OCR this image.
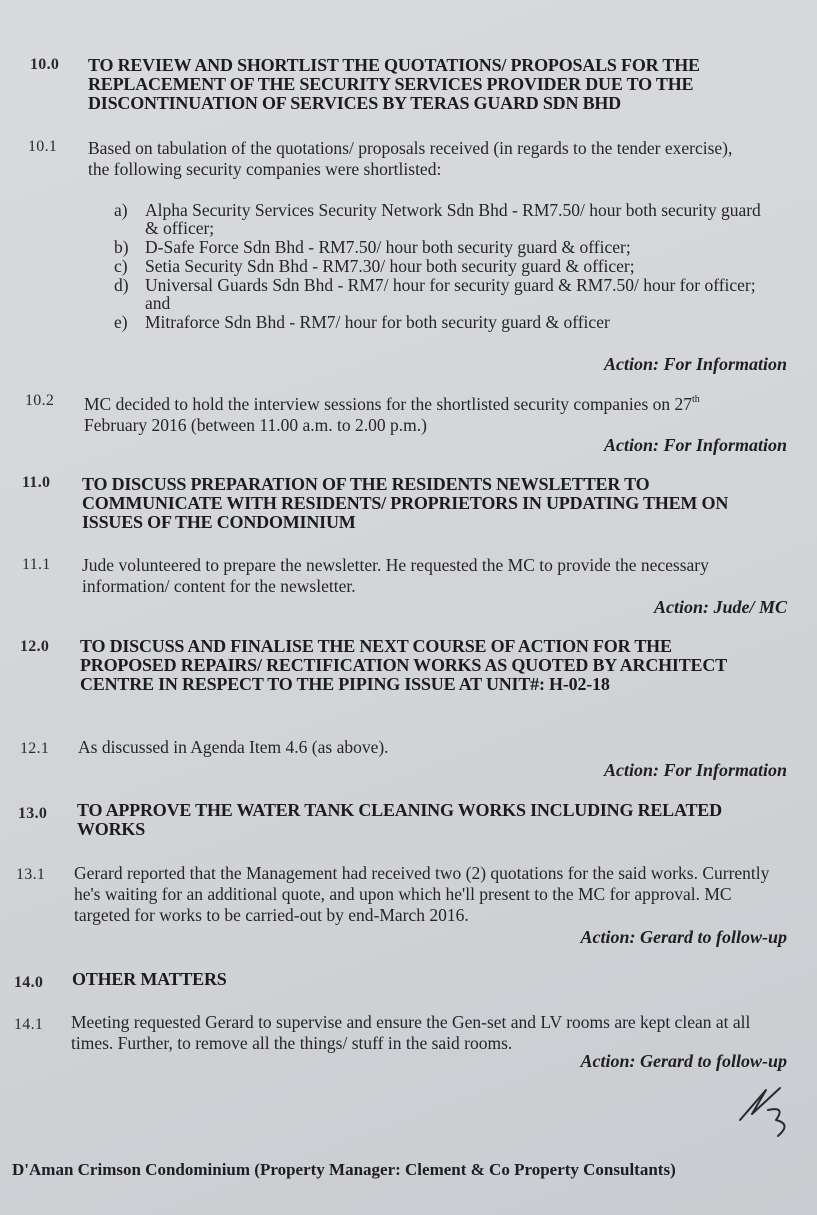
10.0 TO REVIEW AND SHORTLIST THE QUOTATIONS/ PROPOSALS FOR THE REPLACEMENT OF THE SECURITY SERVICES PROVIDER DUE TO THE DISCONTINUATION OF SERVICES BY TERAS GUARD SDN BHD
10.1 Based on tabulation of the quotations/ proposals received (in regards to the tender exercise), the following security companies were shortlisted:
a) Alpha Security Services Security Network Sdn Bhd - RM7.50/ hour both security guard & officer;
b) D-Safe Force Sdn Bhd - RM7.50/ hour both security guard & officer;
c) Setia Security Sdn Bhd - RM7.30/ hour both security guard & officer;
d) Universal Guards Sdn Bhd - RM7/ hour for security guard & RM7.50/ hour for officer; and
e) Mitraforce Sdn Bhd - RM7/ hour for both security guard & officer
Action: For Information
10.2 MC decided to hold the interview sessions for the shortlisted security companies on 27th
February 2016 (between 11.00 a.m. to 2.00 p.m.)
Action: For Information
11.0 TO DISCUSS PREPARATION OF THE RESIDENTS NEWSLETTER TO COMMUNICATE WITH RESIDENTS/ PROPRIETORS IN UPDATING THEM ON ISSUES OF THE CONDOMINIUM
11.1 Jude volunteered to prepare the newsletter. He requested the MC to provide the necessary information/ content for the newsletter.
Action: Jude/ MC
12.0 TO DISCUSS AND FINALISE THE NEXT COURSE OF ACTION FOR THE PROPOSED REPAIRS/ RECTIFICATION WORKS AS QUOTED BY ARCHITECT CENTRE IN RESPECT TO THE PIPING ISSUE AT UNIT#: H-02-18
12.1 As discussed in Agenda Item 4.6 (as above).
Action: For Information
13.0 TO APPROVE THE WATER TANK CLEANING WORKS INCLUDING RELATED WORKS
13.1 Gerard reported that the Management had received two (2) quotations for the said works. Currently he's waiting for an additional quote, and upon which he'll present to the MC for approval. MC targeted for works to be carried-out by end-March 2016.
Action: Gerard to follow-up
14.0 OTHER MATTERS
14.1 Meeting requested Gerard to supervise and ensure the Gen-set and LV rooms are kept clean at all times. Further, to remove all the things/ stuff in the said rooms.
Action: Gerard to follow-up
D'Aman Crimson Condominium (Property Manager: Clement & Co Property Consultants)
